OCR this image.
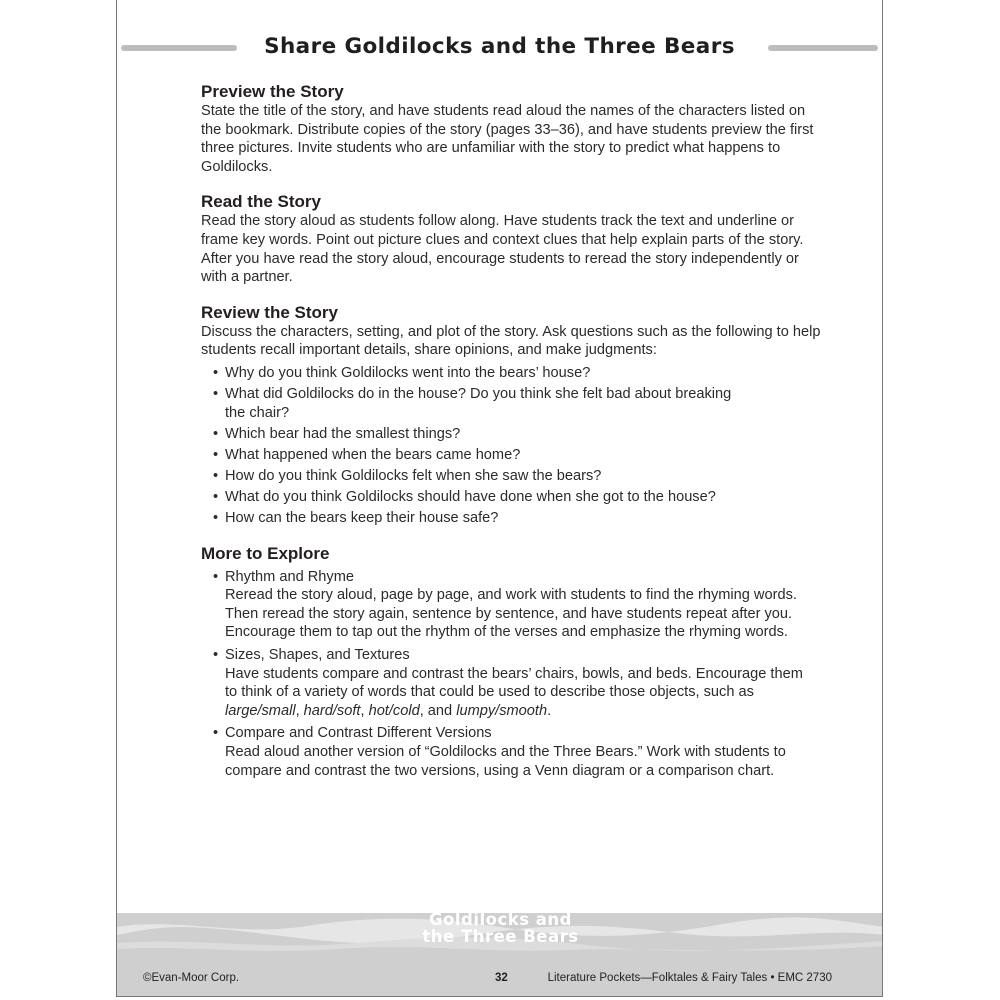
Share Goldilocks and the Three Bears
Preview the Story

State the title of the story, and have students read aloud the names of the characters listed on the bookmark. Distribute copies of the story (pages 33–36), and have students preview the first three pictures. Invite students who are unfamiliar with the story to predict what happens to Goldilocks.

Read the Story

Read the story aloud as students follow along. Have students track the text and underline or frame key words. Point out picture clues and context clues that help explain parts of the story. After you have read the story aloud, encourage students to reread the story independently or with a partner.

Review the Story

Discuss the characters, setting, and plot of the story. Ask questions such as the following to help students recall important details, share opinions, and make judgments:

• Why do you think Goldilocks went into the bears’ house?
• What did Goldilocks do in the house? Do you think she felt bad about breaking the chair?
• Which bear had the smallest things?
• What happened when the bears came home?
• How do you think Goldilocks felt when she saw the bears?
• What do you think Goldilocks should have done when she got to the house?
• How can the bears keep their house safe?
More to Explore
• Rhythm and Rhyme
Reread the story aloud, page by page, and work with students to find the rhyming words. Then reread the story again, sentence by sentence, and have students repeat after you. Encourage them to tap out the rhythm of the verses and emphasize the rhyming words.
• Sizes, Shapes, and Textures
Have students compare and contrast the bears’ chairs, bowls, and beds. Encourage them to think of a variety of words that could be used to describe those objects, such as large/small, hard/soft, hot/cold, and lumpy/smooth.
• Compare and Contrast Different Versions
Read aloud another version of “Goldilocks and the Three Bears.” Work with students to compare and contrast the two versions, using a Venn diagram or a comparison chart.
Goldilocks and
the Three Bears
©Evan-Moor Corp.	32	Literature Pockets—Folktales & Fairy Tales • EMC 2730
